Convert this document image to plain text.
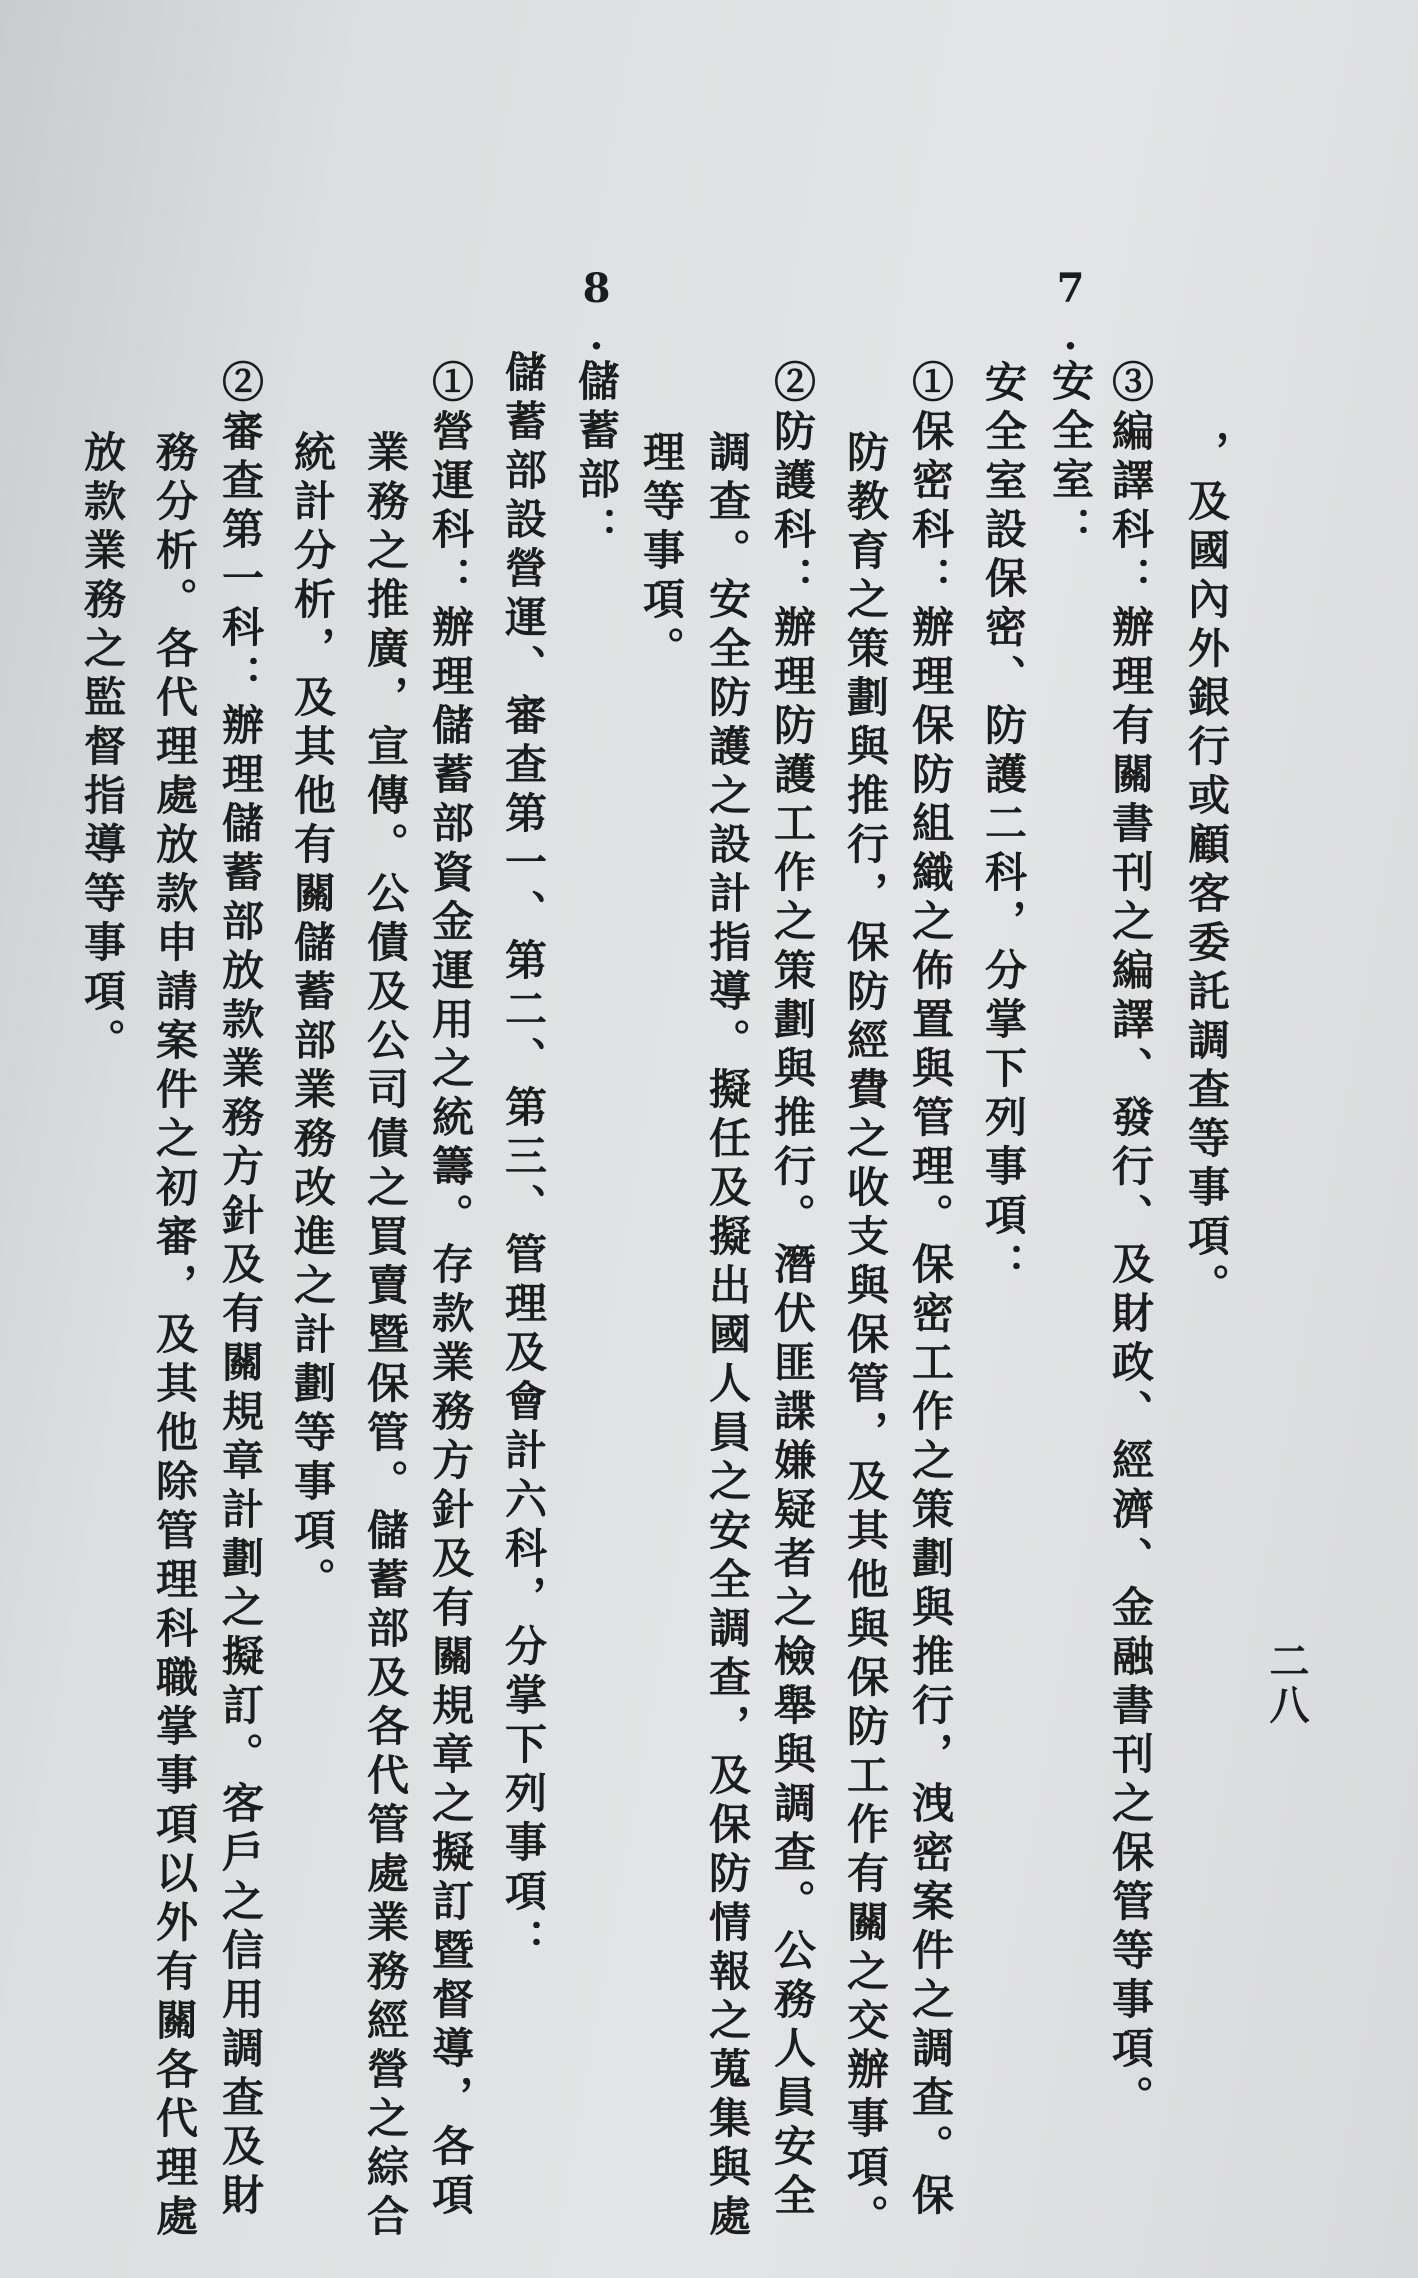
，及國內外銀行或顧客委託調查等事項。
③編譯科：辦理有關書刊之編譯、發行、及財政、經濟、金融書刊之保管等事項。
7.安全室：
安全室設保密、防護二科，分掌下列事項：
①保密科：辦理保防組織之佈置與管理。保密工作之策劃與推行，洩密案件之調查。保
防教育之策劃與推行，保防經費之收支與保管，及其他與保防工作有關之交辦事項。
②防護科：辦理防護工作之策劃與推行。潛伏匪諜嫌疑者之檢舉與調查。公務人員安全
調查。安全防護之設計指導。擬任及擬出國人員之安全調查，及保防情報之蒐集與處
理等事項。
8.儲蓄部：
儲蓄部設營運、審查第一、第二、第三、管理及會計六科，分掌下列事項：
①營運科：辦理儲蓄部資金運用之統籌。存款業務方針及有關規章之擬訂暨督導，各項
業務之推廣，宣傳。公債及公司債之買賣暨保管。儲蓄部及各代管處業務經營之綜合
統計分析，及其他有關儲蓄部業務改進之計劃等事項。
②審查第一科：辦理儲蓄部放款業務方針及有關規章計劃之擬訂。客戶之信用調查及財
務分析。各代理處放款申請案件之初審，及其他除管理科職掌事項以外有關各代理處
放款業務之監督指導等事項。
二八
